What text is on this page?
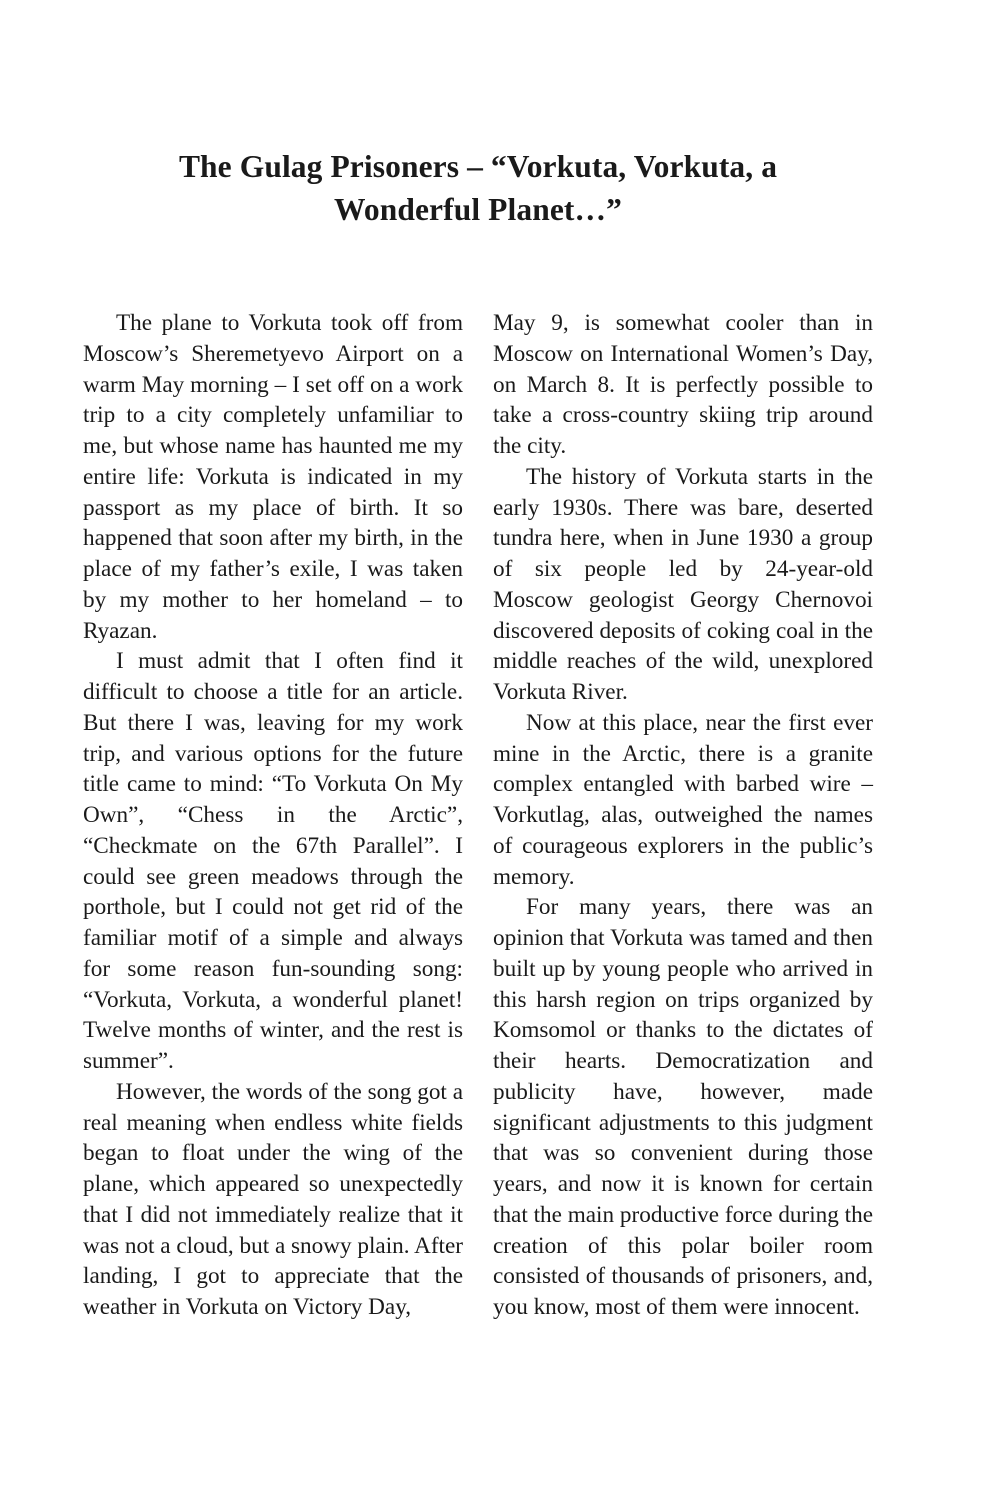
The Gulag Prisoners – “Vorkuta, Vorkuta, a
Wonderful Planet…”

The plane to Vorkuta took off from Moscow’s Sheremetyevo Airport on a warm May morning – I set off on a work trip to a city completely unfamiliar to me, but whose name has haunted me my entire life: Vorkuta is indicated in my passport as my place of birth. It so happened that soon after my birth, in the place of my father’s exile, I was taken by my mother to her homeland – to Ryazan.

I must admit that I often find it difficult to choose a title for an article. But there I was, leaving for my work trip, and various options for the future title came to mind: “To Vorkuta On My Own”, “Chess in the Arctic”, “Checkmate on the 67th Parallel”. I could see green meadows through the porthole, but I could not get rid of the familiar motif of a simple and always for some reason fun-sounding song: “Vorkuta, Vorkuta, a wonderful planet! Twelve months of winter, and the rest is summer”.

However, the words of the song got a real meaning when endless white fields began to float under the wing of the plane, which appeared so unexpectedly that I did not immediately realize that it was not a cloud, but a snowy plain. After landing, I got to appreciate that the weather in Vorkuta on Victory Day,

May 9, is somewhat cooler than in Moscow on International Women’s Day, on March 8. It is perfectly possible to take a cross-country skiing trip around the city.

The history of Vorkuta starts in the early 1930s. There was bare, deserted tundra here, when in June 1930 a group of six people led by 24-year-old Moscow geologist Georgy Chernovoi discovered deposits of coking coal in the middle reaches of the wild, unexplored Vorkuta River.

Now at this place, near the first ever mine in the Arctic, there is a granite complex entangled with barbed wire – Vorkutlag, alas, outweighed the names of courageous explorers in the public’s memory.

For many years, there was an opinion that Vorkuta was tamed and then built up by young people who arrived in this harsh region on trips organized by Komsomol or thanks to the dictates of their hearts. Democratization and publicity have, however, made significant adjustments to this judgment that was so convenient during those years, and now it is known for certain that the main productive force during the creation of this polar boiler room consisted of thousands of prisoners, and, you know, most of them were innocent.
